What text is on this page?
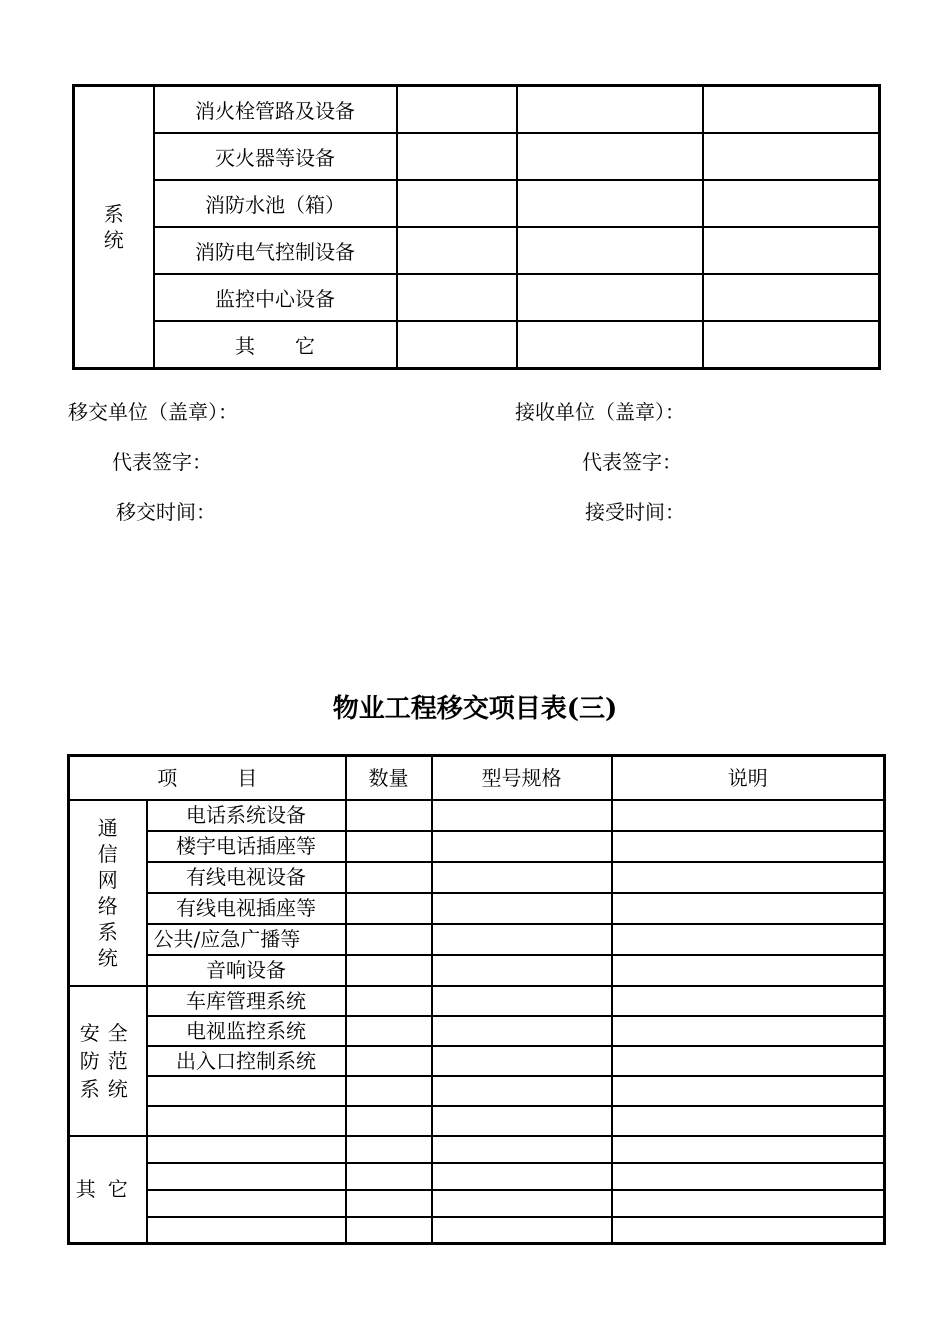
系统	消火栓管路及设备			
	灭火器等设备			
	消防水池（箱）			
	消防电气控制设备			
	监控中心设备			
	其　　它			
移交单位（盖章）：
代表签字：
移交时间：
接收单位（盖章）：
代表签字：
接受时间：
物业工程移交项目表(三)
项　　　目		数量	型号规格	说明
通信网络系统	电话系统设备			
	楼宇电话插座等			
	有线电视设备			
	有线电视插座等			
	公共/应急广播等			
	音响设备			
安全防范系统	车库管理系统			
	电视监控系统			
	出入口控制系统			

其它				
